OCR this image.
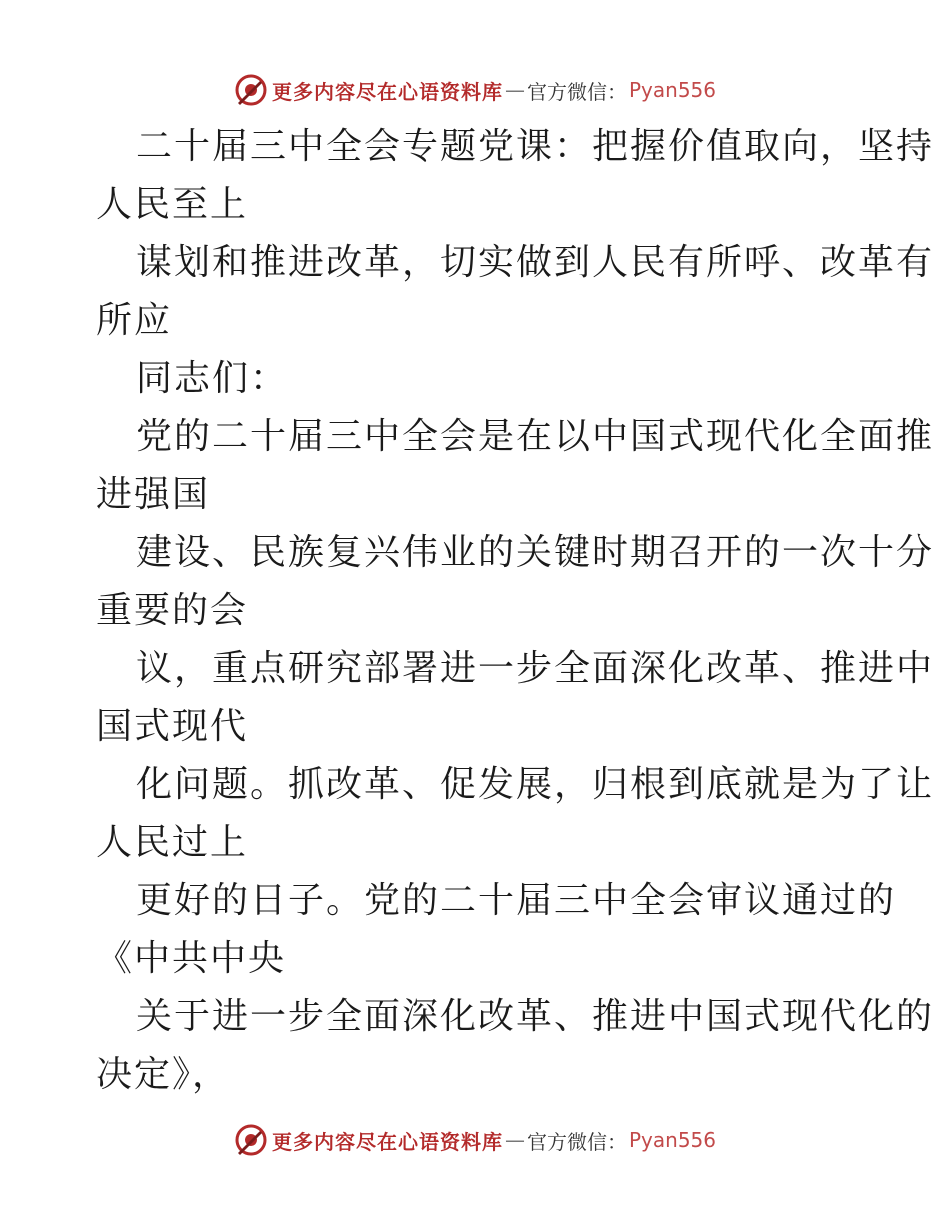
更多内容尽在心语资料库 — 官方微信： Pyan556

二十届三中全会专题党课：把握价值取向，坚持
人民至上

谋划和推进改革，切实做到人民有所呼、改革有
所应

同志们：

党的二十届三中全会是在以中国式现代化全面推
进强国

建设、民族复兴伟业的关键时期召开的一次十分
重要的会

议，重点研究部署进一步全面深化改革、推进中
国式现代

化问题。抓改革、促发展，归根到底就是为了让
人民过上

更好的日子。党的二十届三中全会审议通过的
《中共中央

关于进一步全面深化改革、推进中国式现代化的
决定》，

更多内容尽在心语资料库 — 官方微信： Pyan556
